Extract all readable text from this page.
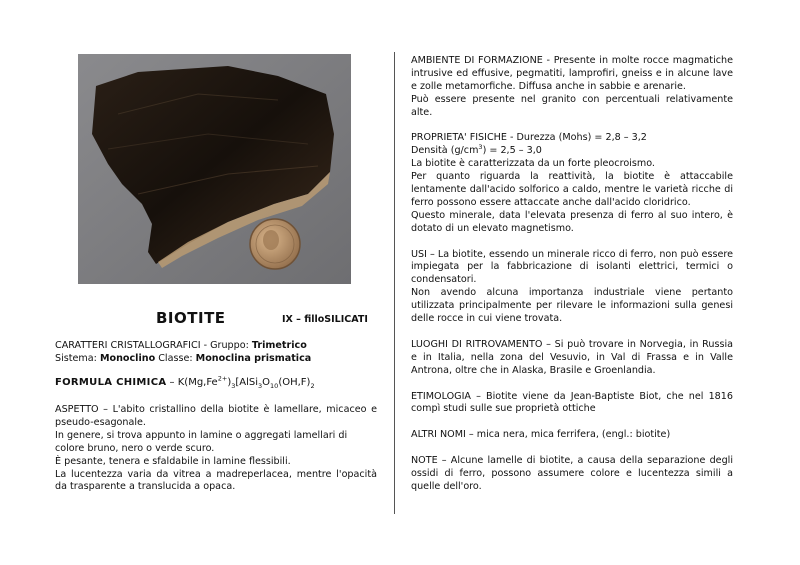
BIOTITE	IX – filloSILICATI

CARATTERI CRISTALLOGRAFICI - Gruppo: Trimetrico

Sistema: Monoclino Classe: Monoclina prismatica

FORMULA CHIMICA – $K(Mg,Fe^{2+})_3[AlSi_3O_{10}(OH,F)_2$

ASPETTO – L'abito cristallino della biotite è lamellare, micaceo e pseudo-esagonale.

In genere, si trova appunto in lamine o aggregati lamellari di colore bruno, nero o verde scuro.

È pesante, tenera e sfaldabile in lamine flessibili.

La lucentezza varia da vitrea a madreperlacea, mentre l'opacità da trasparente a translucida a opaca.

AMBIENTE DI FORMAZIONE - Presente in molte rocce magmatiche intrusive ed effusive, pegmatiti, lamprofiri, gneiss e in alcune lave e zolle metamorfiche. Diffusa anche in sabbie e arenarie.

Può essere presente nel granito con percentuali relativamente alte.

PROPRIETA' FISICHE - Durezza (Mohs) = 2,8 – 3,2

Densità $(g/cm^3) = 2,5 - 3,0$

La biotite è caratterizzata da un forte pleocroismo.

Per quanto riguarda la reattività, la biotite è attaccabile lentamente dall'acido solforico a caldo, mentre le varietà ricche di ferro possono essere attaccate anche dall'acido cloridrico.

Questo minerale, data l'elevata presenza di ferro al suo intero, è dotato di un elevato magnetismo.

USI – La biotite, essendo un minerale ricco di ferro, non può essere impiegata per la fabbricazione di isolanti elettrici, termici o condensatori.

Non avendo alcuna importanza industriale viene pertanto utilizzata principalmente per rilevare le informazioni sulla genesi delle rocce in cui viene trovata.

LUOGHI DI RITROVAMENTO – Si può trovare in Norvegia, in Russia e in Italia, nella zona del Vesuvio, in Val di Frassa e in Valle Antrona, oltre che in Alaska, Brasile e Groenlandia.

ETIMOLOGIA – Biotite viene da Jean-Baptiste Biot, che nel 1816 compì studi sulle sue proprietà ottiche

ALTRI NOMI – mica nera, mica ferrifera, (engl.: biotite)

NOTE – Alcune lamelle di biotite, a causa della separazione degli ossidi di ferro, possono assumere colore e lucentezza simili a quelle dell'oro.
